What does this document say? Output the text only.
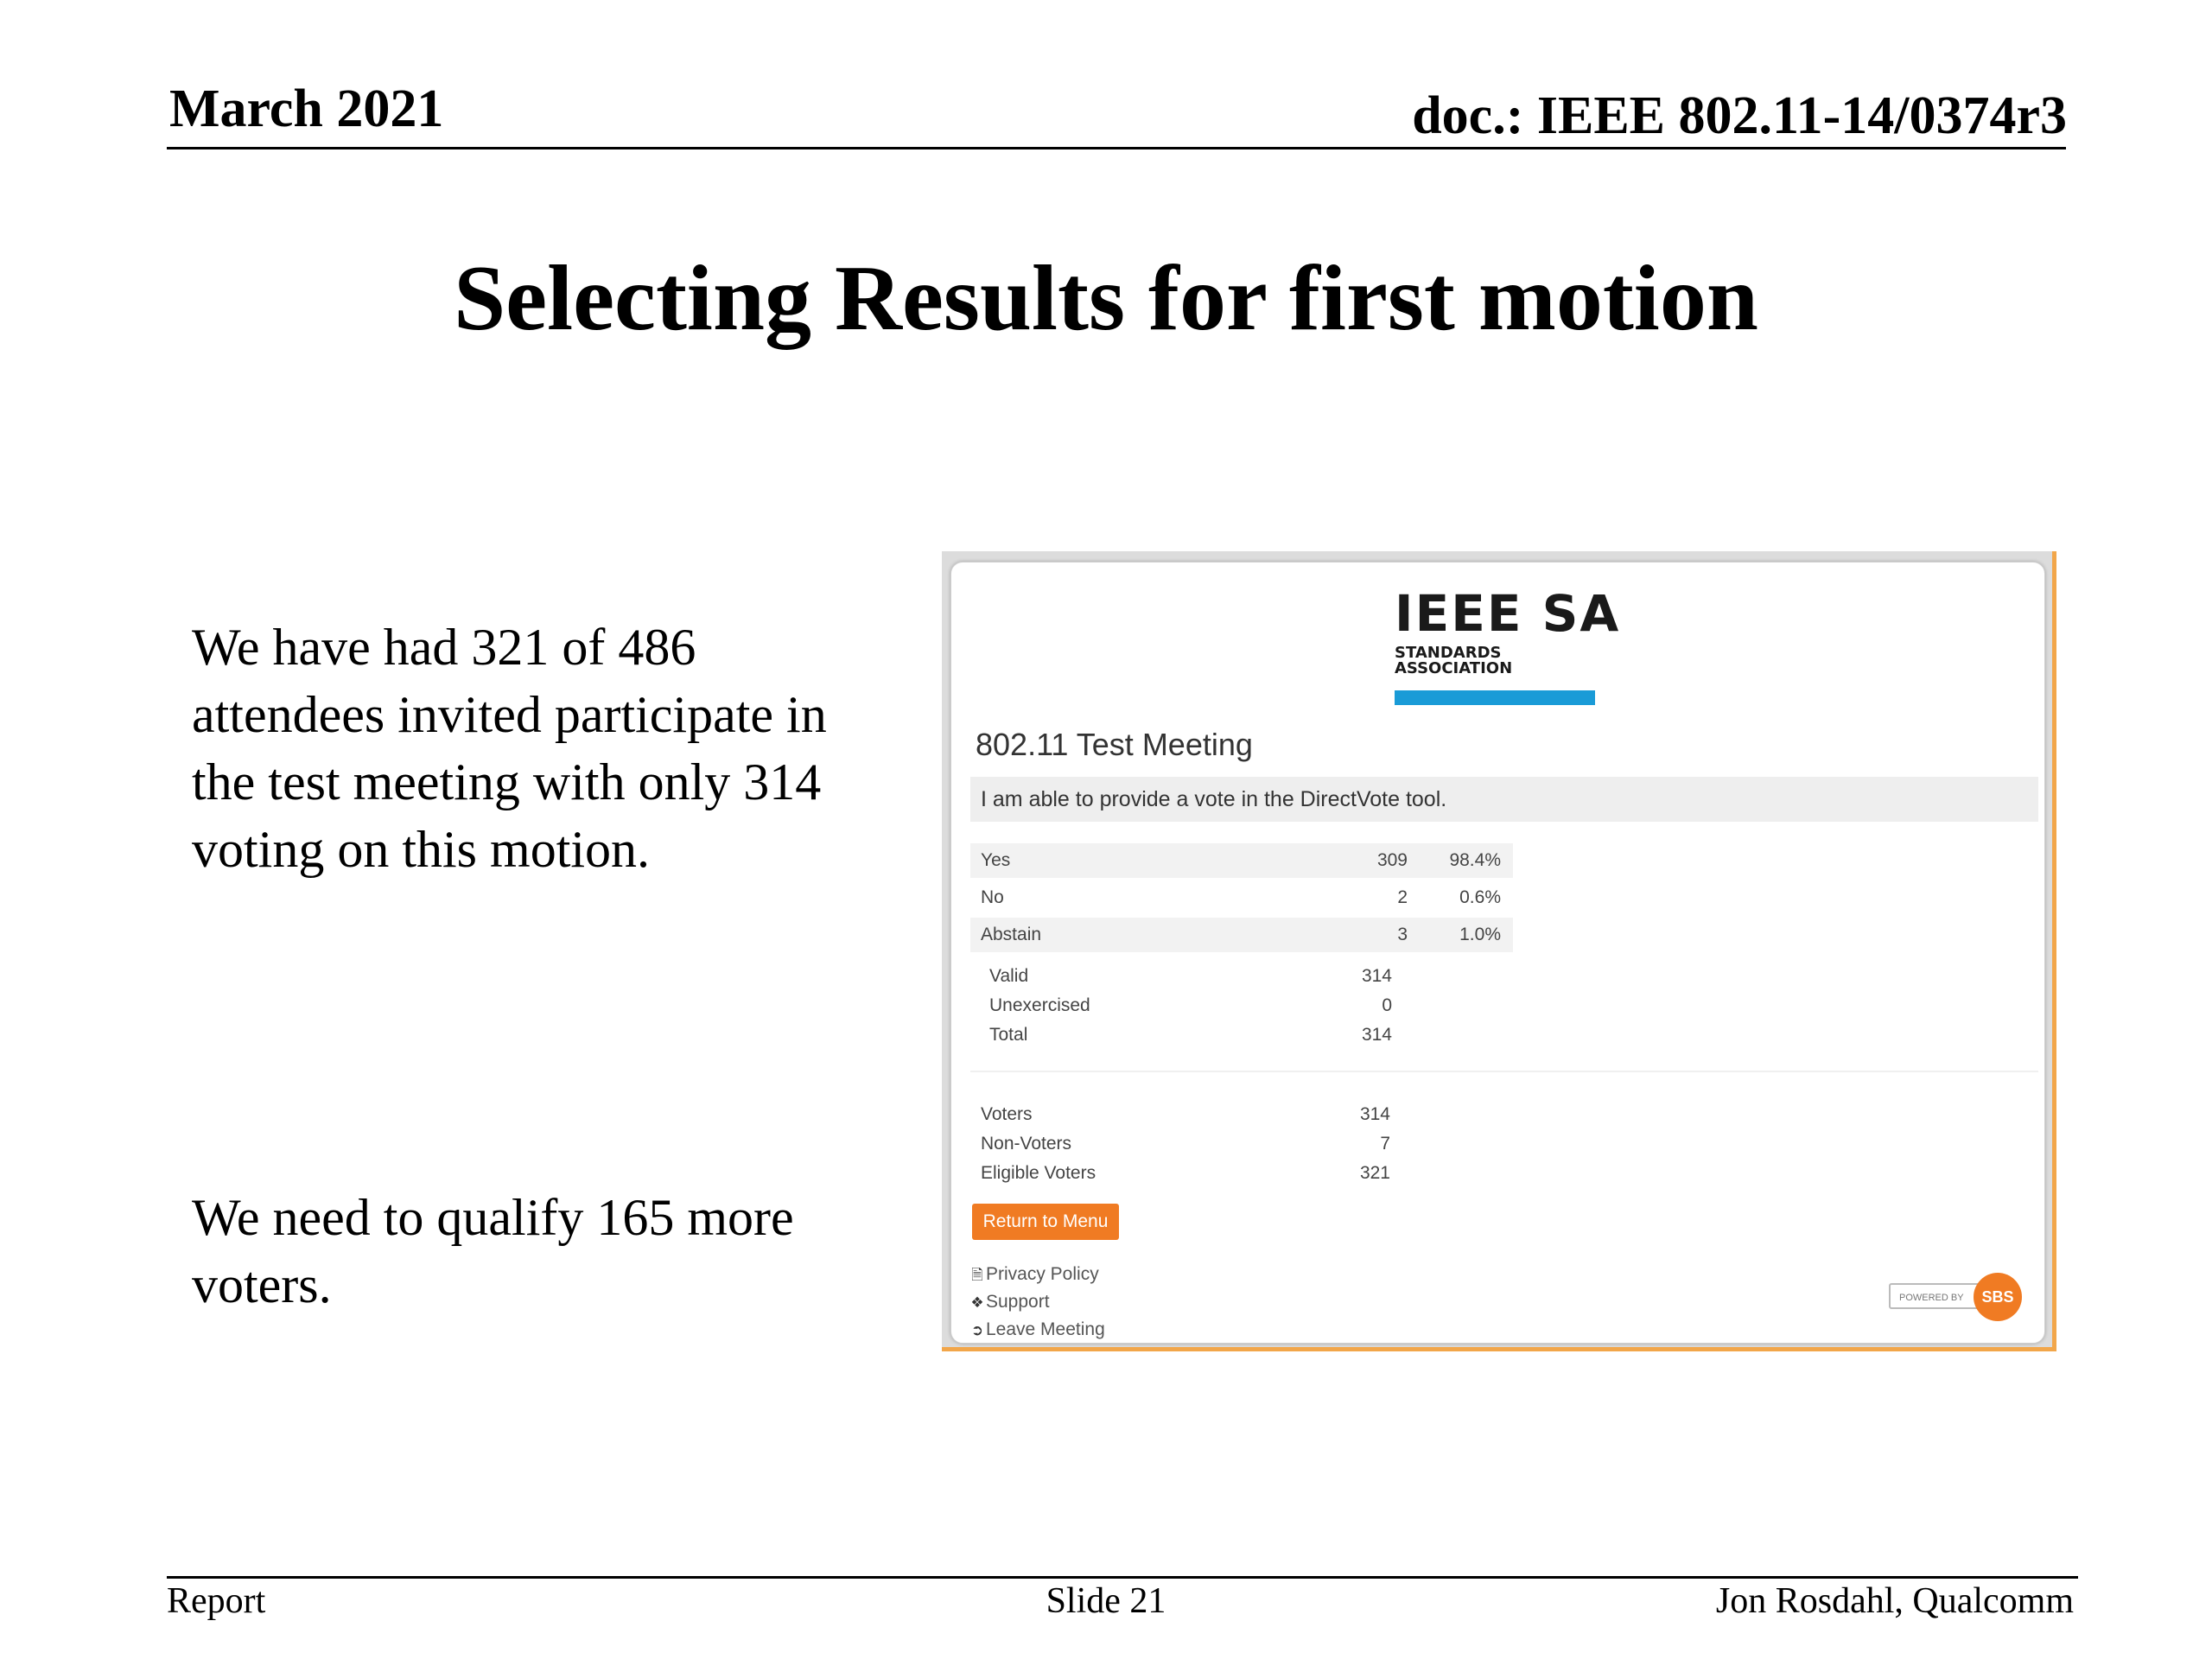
March 2021	doc.: IEEE 802.11-14/0374r3
Selecting Results for first motion
We have had 321 of 486 attendees invited participate in the test meeting with only 314 voting on this motion.
We need to qualify 165 more voters.
IEEE SA
STANDARDS
ASSOCIATION
802.11 Test Meeting
I am able to provide a vote in the DirectVote tool.
Yes	309 98.4%
No	2	0.6%
Abstain	3	1.0%
Valid	314
Unexercised	0
Total	314
Voters	314
Non-Voters	7
Eligible Voters	321
Return to Menu
🗎 Privacy Policy
❖ Support
➲ Leave Meeting
POWERED BY	SBS
Report	Slide 21	Jon Rosdahl, Qualcomm
